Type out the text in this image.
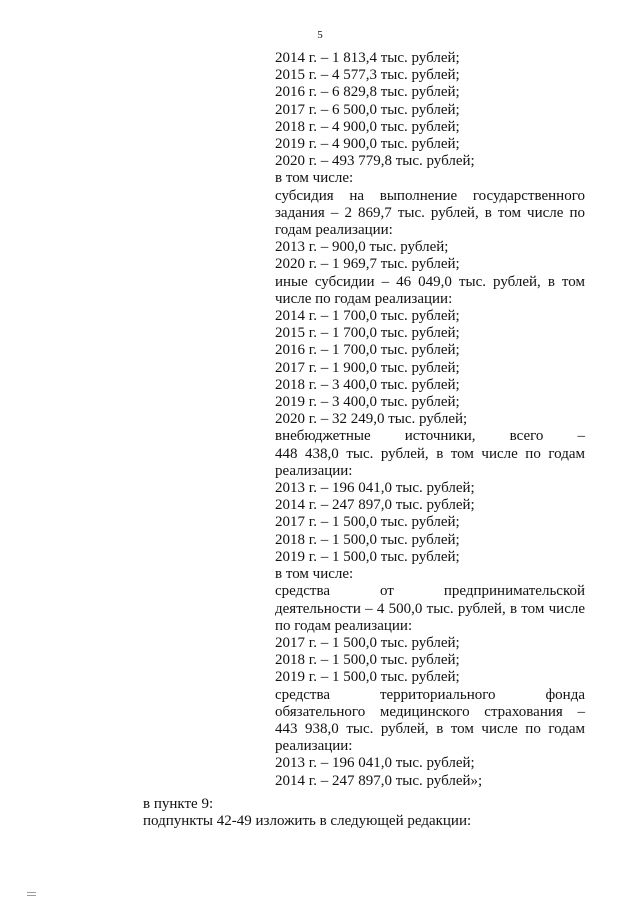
5
2014 г. – 1 813,4 тыс. рублей;
2015 г. – 4 577,3 тыс. рублей;
2016 г. – 6 829,8 тыс. рублей;
2017 г. – 6 500,0 тыс. рублей;
2018 г. – 4 900,0 тыс. рублей;
2019 г. – 4 900,0 тыс. рублей;
2020 г. – 493 779,8 тыс. рублей;
в том числе:
субсидия на выполнение государственного
задания – 2 869,7 тыс. рублей, в том числе по
годам реализации:
2013 г. – 900,0 тыс. рублей;
2020 г. – 1 969,7 тыс. рублей;
иные субсидии – 46 049,0 тыс. рублей, в том
числе по годам реализации:
2014 г. – 1 700,0 тыс. рублей;
2015 г. – 1 700,0 тыс. рублей;
2016 г. – 1 700,0 тыс. рублей;
2017 г. – 1 900,0 тыс. рублей;
2018 г. – 3 400,0 тыс. рублей;
2019 г. – 3 400,0 тыс. рублей;
2020 г. – 32 249,0 тыс. рублей;
внебюджетные источники, всего –
448 438,0 тыс. рублей, в том числе по годам
реализации:
2013 г. – 196 041,0 тыс. рублей;
2014 г. – 247 897,0 тыс. рублей;
2017 г. – 1 500,0 тыс. рублей;
2018 г. – 1 500,0 тыс. рублей;
2019 г. – 1 500,0 тыс. рублей;
в том числе:
средства от предпринимательской
деятельности – 4 500,0 тыс. рублей, в том числе
по годам реализации:
2017 г. – 1 500,0 тыс. рублей;
2018 г. – 1 500,0 тыс. рублей;
2019 г. – 1 500,0 тыс. рублей;
средства территориального фонда
обязательного медицинского страхования –
443 938,0 тыс. рублей, в том числе по годам
реализации:
2013 г. – 196 041,0 тыс. рублей;
2014 г. – 247 897,0 тыс. рублей»;
в пункте 9:
подпункты 42-49 изложить в следующей редакции:
